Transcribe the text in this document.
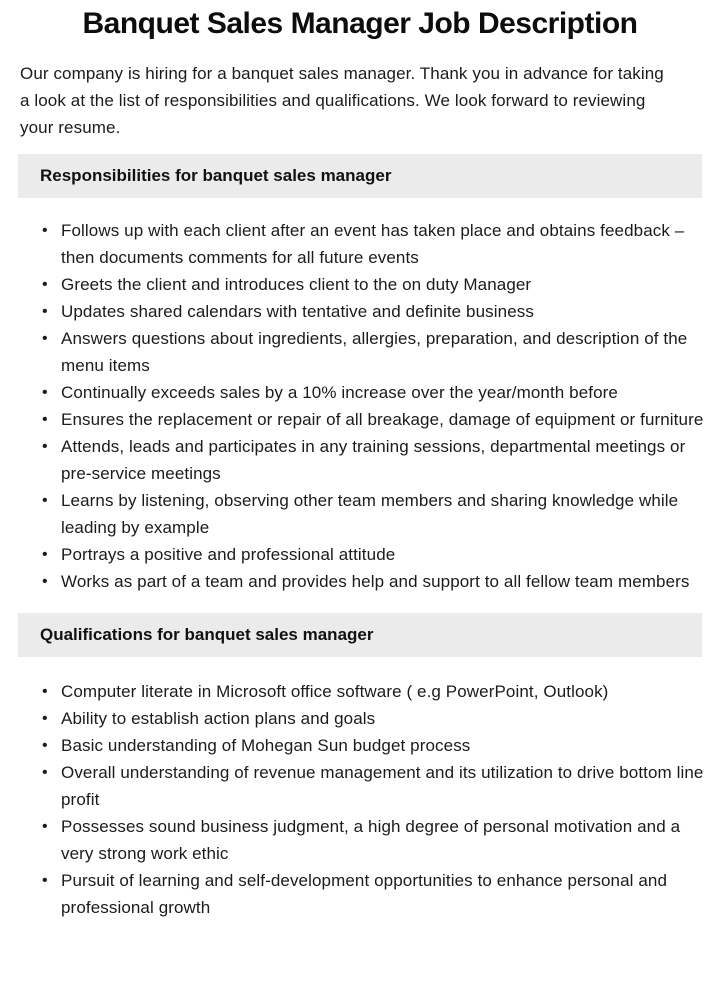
Banquet Sales Manager Job Description

Our company is hiring for a banquet sales manager. Thank you in advance for taking a look at the list of responsibilities and qualifications. We look forward to reviewing your resume.

Responsibilities for banquet sales manager
• Follows up with each client after an event has taken place and obtains feedback –then documents comments for all future events
• Greets the client and introduces client to the on duty Manager
• Updates shared calendars with tentative and definite business
• Answers questions about ingredients, allergies, preparation, and description of the menu items
• Continually exceeds sales by a 10% increase over the year/month before
• Ensures the replacement or repair of all breakage, damage of equipment or furniture
• Attends, leads and participates in any training sessions, departmental meetings or pre-service meetings
• Learns by listening, observing other team members and sharing knowledge while leading by example
• Portrays a positive and professional attitude
• Works as part of a team and provides help and support to all fellow team members
Qualifications for banquet sales manager
• Computer literate in Microsoft office software ( e.g PowerPoint, Outlook)
• Ability to establish action plans and goals
• Basic understanding of Mohegan Sun budget process
• Overall understanding of revenue management and its utilization to drive bottom line profit
• Possesses sound business judgment, a high degree of personal motivation and a very strong work ethic
• Pursuit of learning and self-development opportunities to enhance personal and professional growth
